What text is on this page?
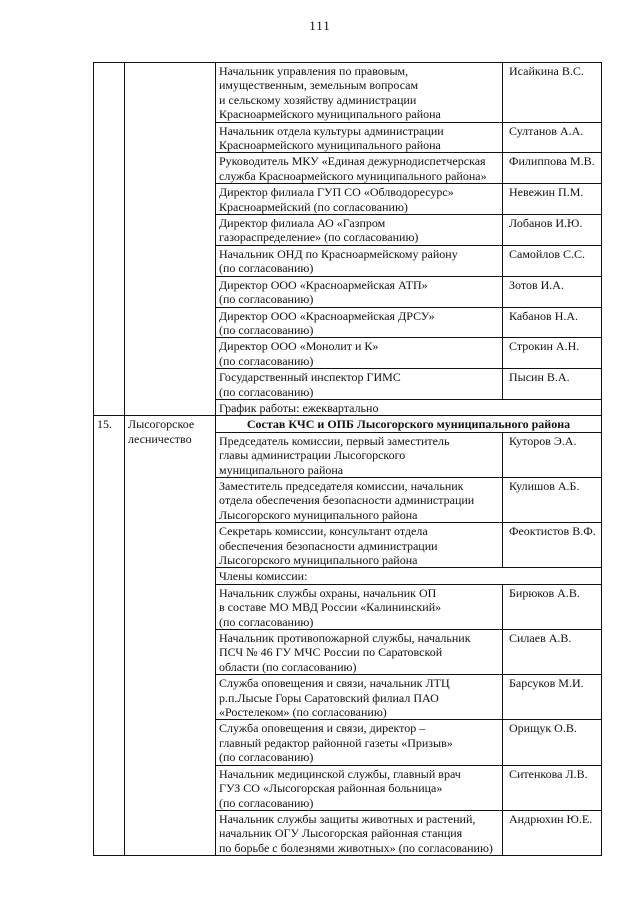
111
		Начальник управления по правовым,
имущественным, земельным вопросам
и сельскому хозяйству администрации
Красноармейского муниципального района	Исайкина В.С.
		Начальник отдела культуры администрации
Красноармейского муниципального района	Султанов А.А.
		Руководитель МКУ «Единая дежурнодиспетчерская
служба Красноармейского муниципального района»	Филиппова М.В.
		Директор филиала ГУП СО «Облводоресурс»
Красноармейский (по согласованию)	Невежин П.М.
		Директор филиала АО «Газпром
газораспределение» (по согласованию)	Лобанов И.Ю.
		Начальник ОНД по Красноармейскому району
(по согласованию)	Самойлов С.С.
		Директор ООО «Красноармейская АТП»
(по согласованию)	Зотов И.А.
		Директор ООО «Красноармейская ДРСУ»
(по согласованию)	Кабанов Н.А.
		Директор ООО «Монолит и К»
(по согласованию)	Строкин А.Н.
		Государственный инспектор ГИМС
(по согласованию)	Пысин В.А.
		График работы: ежеквартально	
15.	Лысогорское
лесничество	Состав КЧС и ОПБ Лысогорского муниципального района	
		Председатель комиссии, первый заместитель
главы администрации Лысогорского
муниципального района	Куторов Э.А.
		Заместитель председателя комиссии, начальник
отдела обеспечения безопасности администрации
Лысогорского муниципального района	Кулишов А.Б.
		Секретарь комиссии, консультант отдела
обеспечения безопасности администрации
Лысогорского муниципального района	Феоктистов В.Ф.
		Члены комиссии:	
		Начальник службы охраны, начальник ОП
в составе МО МВД России «Калининский»
(по согласованию)	Бирюков А.В.
		Начальник противопожарной службы, начальник
ПСЧ № 46 ГУ МЧС России по Саратовской
области (по согласованию)	Силаев А.В.
		Служба оповещения и связи, начальник ЛТЦ
р.п.Лысые Горы Саратовский филиал ПАО
«Ростелеком» (по согласованию)	Барсуков М.И.
		Служба оповещения и связи, директор –
главный редактор районной газеты «Призыв»
(по согласованию)	Орищук О.В.
		Начальник медицинской службы, главный врач
ГУЗ СО «Лысогорская районная больница»
(по согласованию)	Ситенкова Л.В.
		Начальник службы защиты животных и растений,
начальник ОГУ Лысогорская районная станция
по борьбе с болезнями животных» (по согласованию)	Андрюхин Ю.Е.
